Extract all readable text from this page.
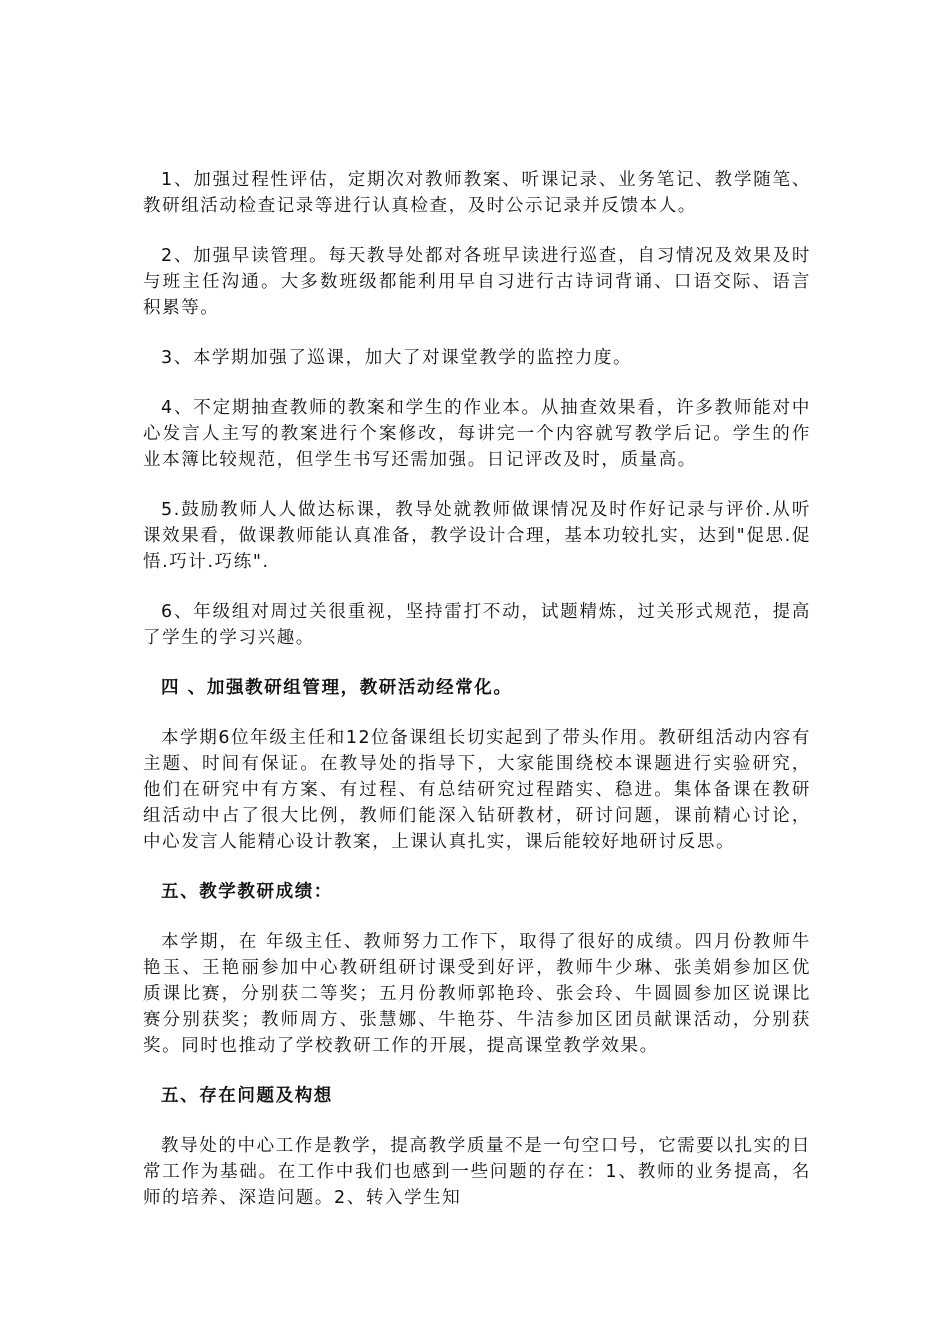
1、加强过程性评估，定期次对教师教案、听课记录、业务笔记、教学随笔、教研组活动检查记录等进行认真检查，及时公示记录并反馈本人。

2、加强早读管理。每天教导处都对各班早读进行巡查，自习情况及效果及时与班主任沟通。大多数班级都能利用早自习进行古诗词背诵、口语交际、语言积累等。

3、本学期加强了巡课，加大了对课堂教学的监控力度。

4、不定期抽查教师的教案和学生的作业本。从抽查效果看，许多教师能对中心发言人主写的教案进行个案修改，每讲完一个内容就写教学后记。学生的作业本簿比较规范，但学生书写还需加强。日记评改及时，质量高。

5.鼓励教师人人做达标课，教导处就教师做课情况及时作好记录与评价.从听课效果看，做课教师能认真准备，教学设计合理，基本功较扎实，达到"促思.促悟.巧计.巧练".

6、年级组对周过关很重视，坚持雷打不动，试题精炼，过关形式规范，提高了学生的学习兴趣。

四 、加强教研组管理，教研活动经常化。

本学期6位年级主任和12位备课组长切实起到了带头作用。教研组活动内容有主题、时间有保证。在教导处的指导下，大家能围绕校本课题进行实验研究，他们在研究中有方案、有过程、有总结研究过程踏实、稳进。集体备课在教研组活动中占了很大比例，教师们能深入钻研教材，研讨问题，课前精心讨论，中心发言人能精心设计教案，上课认真扎实，课后能较好地研讨反思。

五、教学教研成绩：

本学期，在 年级主任、教师努力工作下，取得了很好的成绩。四月份教师牛艳玉、王艳丽参加中心教研组研讨课受到好评，教师牛少琳、张美娟参加区优质课比赛，分别获二等奖；五月份教师郭艳玲、张会玲、牛圆圆参加区说课比赛分别获奖；教师周方、张慧娜、牛艳芬、牛洁参加区团员献课活动，分别获奖。同时也推动了学校教研工作的开展，提高课堂教学效果。

五、存在问题及构想

教导处的中心工作是教学，提高教学质量不是一句空口号，它需要以扎实的日常工作为基础。在工作中我们也感到一些问题的存在：1、教师的业务提高，名师的培养、深造问题。2、转入学生知
